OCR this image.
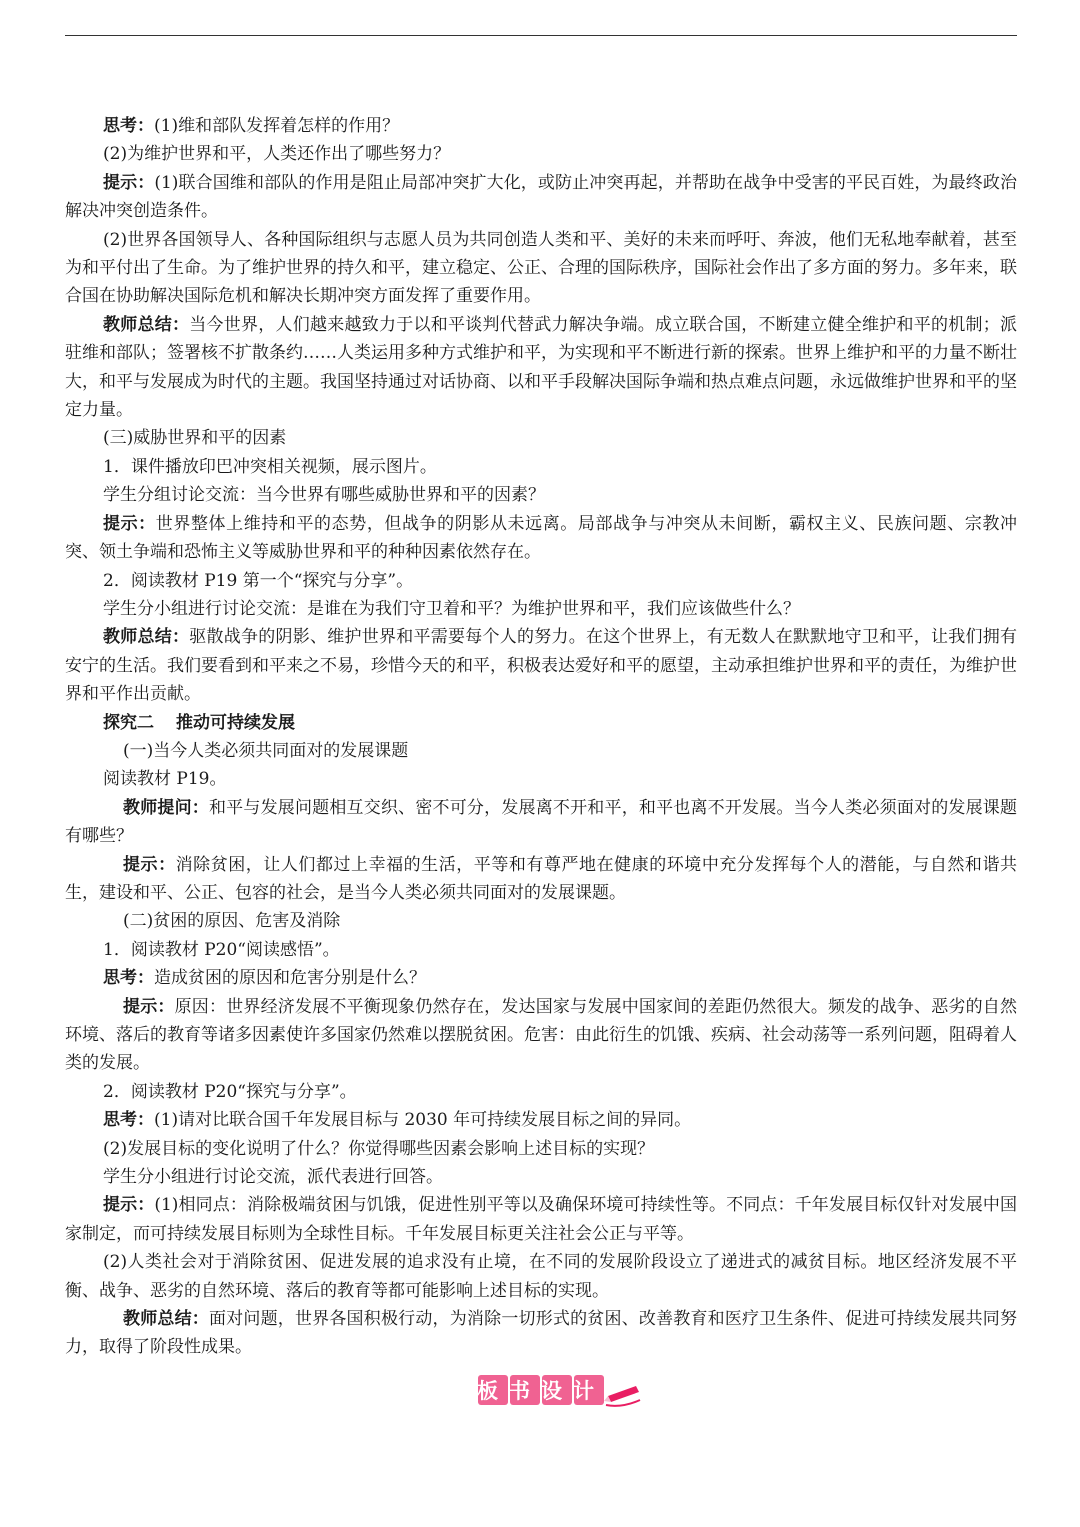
思考：(1)维和部队发挥着怎样的作用？

(2)为维护世界和平，人类还作出了哪些努力？

提示：(1)联合国维和部队的作用是阻止局部冲突扩大化，或防止冲突再起，并帮助在战争中受害的平民百姓，为最终政治解决冲突创造条件。

(2)世界各国领导人、各种国际组织与志愿人员为共同创造人类和平、美好的未来而呼吁、奔波，他们无私地奉献着，甚至为和平付出了生命。为了维护世界的持久和平，建立稳定、公正、合理的国际秩序，国际社会作出了多方面的努力。多年来，联合国在协助解决国际危机和解决长期冲突方面发挥了重要作用。

教师总结：当今世界，人们越来越致力于以和平谈判代替武力解决争端。成立联合国，不断建立健全维护和平的机制；派驻维和部队；签署核不扩散条约……人类运用多种方式维护和平，为实现和平不断进行新的探索。世界上维护和平的力量不断壮大，和平与发展成为时代的主题。我国坚持通过对话协商、以和平手段解决国际争端和热点难点问题，永远做维护世界和平的坚定力量。

(三)威胁世界和平的因素

1．课件播放印巴冲突相关视频，展示图片。

学生分组讨论交流：当今世界有哪些威胁世界和平的因素？

提示：世界整体上维持和平的态势，但战争的阴影从未远离。局部战争与冲突从未间断，霸权主义、民族问题、宗教冲突、领土争端和恐怖主义等威胁世界和平的种种因素依然存在。

2．阅读教材 P19 第一个“探究与分享”。

学生分小组进行讨论交流：是谁在为我们守卫着和平？为维护世界和平，我们应该做些什么？

教师总结：驱散战争的阴影、维护世界和平需要每个人的努力。在这个世界上，有无数人在默默地守卫和平，让我们拥有安宁的生活。我们要看到和平来之不易，珍惜今天的和平，积极表达爱好和平的愿望，主动承担维护世界和平的责任，为维护世界和平作出贡献。

探究二 推动可持续发展

(一)当今人类必须共同面对的发展课题

阅读教材 P19。

教师提问：和平与发展问题相互交织、密不可分，发展离不开和平，和平也离不开发展。当今人类必须面对的发展课题有哪些？

提示：消除贫困，让人们都过上幸福的生活，平等和有尊严地在健康的环境中充分发挥每个人的潜能，与自然和谐共生，建设和平、公正、包容的社会，是当今人类必须共同面对的发展课题。

(二)贫困的原因、危害及消除

1．阅读教材 P20“阅读感悟”。

思考：造成贫困的原因和危害分别是什么？

提示：原因：世界经济发展不平衡现象仍然存在，发达国家与发展中国家间的差距仍然很大。频发的战争、恶劣的自然环境、落后的教育等诸多因素使许多国家仍然难以摆脱贫困。危害：由此衍生的饥饿、疾病、社会动荡等一系列问题，阻碍着人类的发展。

2．阅读教材 P20“探究与分享”。

思考：(1)请对比联合国千年发展目标与 2030 年可持续发展目标之间的异同。

(2)发展目标的变化说明了什么？你觉得哪些因素会影响上述目标的实现？

学生分小组进行讨论交流，派代表进行回答。

提示：(1)相同点：消除极端贫困与饥饿，促进性别平等以及确保环境可持续性等。不同点：千年发展目标仅针对发展中国家制定，而可持续发展目标则为全球性目标。千年发展目标更关注社会公正与平等。

(2)人类社会对于消除贫困、促进发展的追求没有止境，在不同的发展阶段设立了递进式的减贫目标。地区经济发展不平衡、战争、恶劣的自然环境、落后的教育等都可能影响上述目标的实现。

教师总结：面对问题，世界各国积极行动，为消除一切形式的贫困、改善教育和医疗卫生条件、促进可持续发展共同努力，取得了阶段性成果。

板书设计
